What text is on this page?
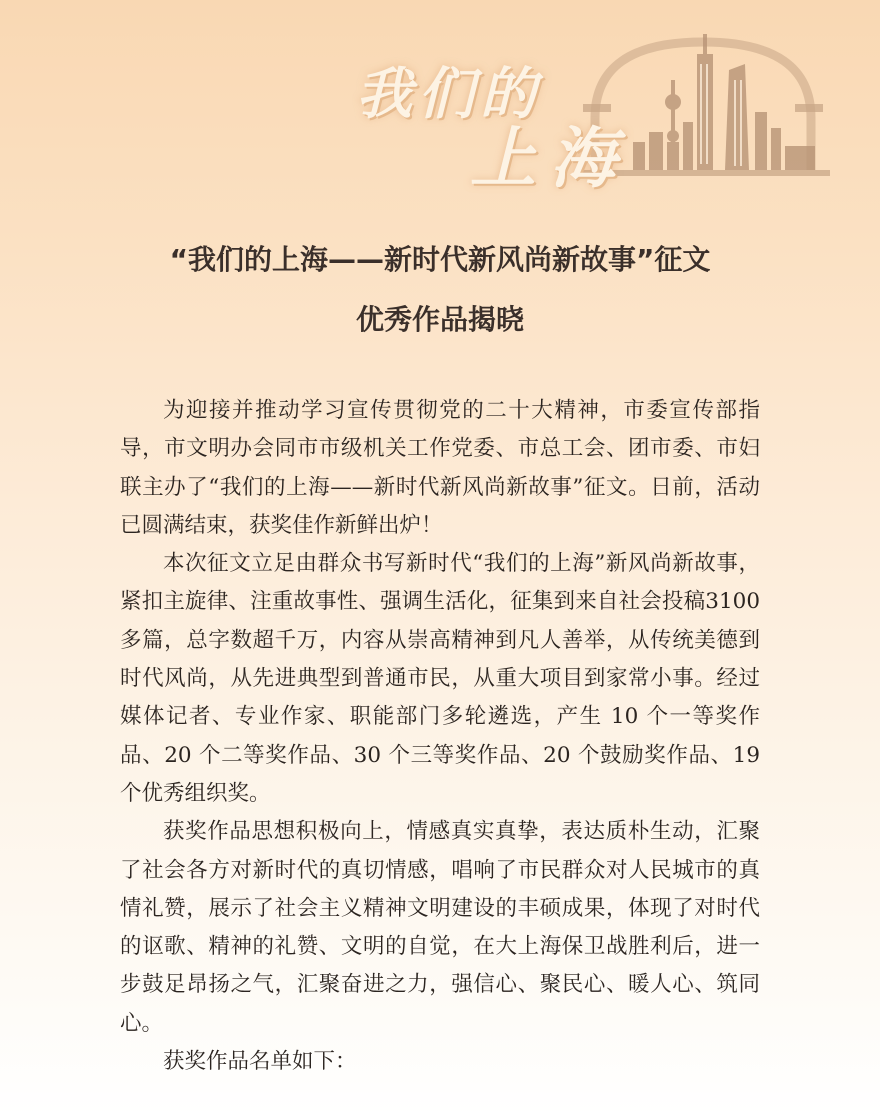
我们的
上海
“我们的上海——新时代新风尚新故事”征文
优秀作品揭晓

为迎接并推动学习宣传贯彻党的二十大精神，市委宣传部指导，市文明办会同市市级机关工作党委、市总工会、团市委、市妇联主办了“我们的上海——新时代新风尚新故事”征文。日前，活动已圆满结束，获奖佳作新鲜出炉！

本次征文立足由群众书写新时代“我们的上海”新风尚新故事，紧扣主旋律、注重故事性、强调生活化，征集到来自社会投稿3100多篇，总字数超千万，内容从崇高精神到凡人善举，从传统美德到时代风尚，从先进典型到普通市民，从重大项目到家常小事。经过媒体记者、专业作家、职能部门多轮遴选，产生 10 个一等奖作品、20 个二等奖作品、30 个三等奖作品、20 个鼓励奖作品、19 个优秀组织奖。

获奖作品思想积极向上，情感真实真挚，表达质朴生动，汇聚了社会各方对新时代的真切情感，唱响了市民群众对人民城市的真情礼赞，展示了社会主义精神文明建设的丰硕成果，体现了对时代的讴歌、精神的礼赞、文明的自觉，在大上海保卫战胜利后，进一步鼓足昂扬之气，汇聚奋进之力，强信心、聚民心、暖人心、筑同心。

获奖作品名单如下：
